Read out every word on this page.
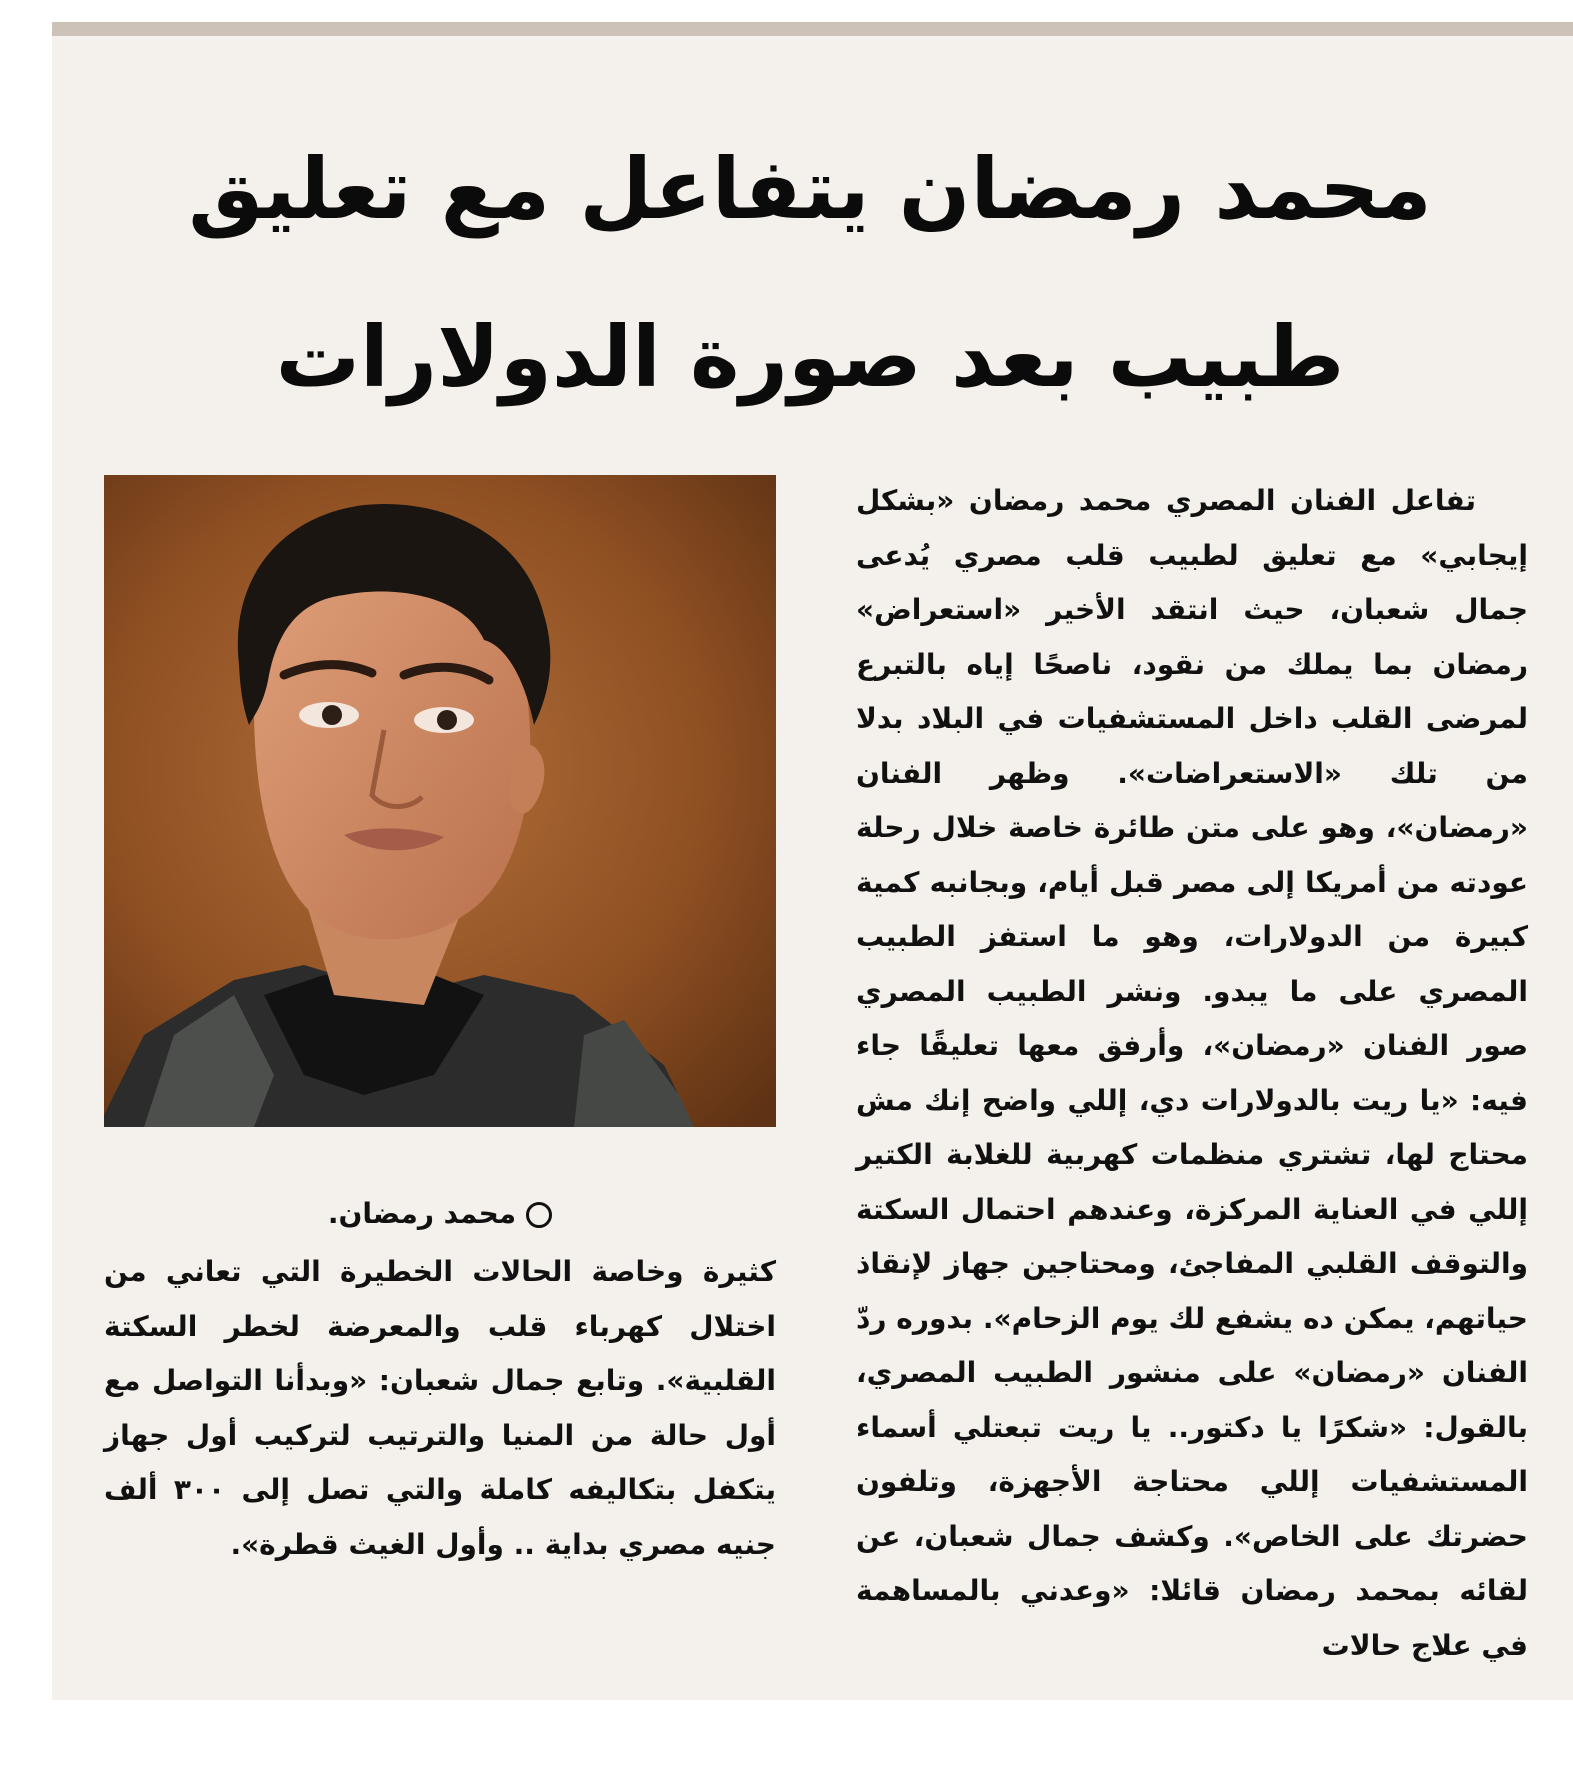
محمد رمضان يتفاعل مع تعليق طبيب بعد صورة الدولارات
محمد رمضان.

تفاعل الفنان المصري محمد رمضان «بشكل إيجابي» مع تعليق لطبيب قلب مصري يُدعى جمال شعبان، حيث انتقد الأخير «استعراض» رمضان بما يملك من نقود، ناصحًا إياه بالتبرع لمرضى القلب داخل المستشفيات في البلاد بدلا من تلك «الاستعراضات». وظهر الفنان «رمضان»، وهو على متن طائرة خاصة خلال رحلة عودته من أمريكا إلى مصر قبل أيام، وبجانبه كمية كبيرة من الدولارات، وهو ما استفز الطبيب المصري على ما يبدو. ونشر الطبيب المصري صور الفنان «رمضان»، وأرفق معها تعليقًا جاء فيه: «يا ريت بالدولارات دي، إللي واضح إنك مش محتاج لها، تشتري منظمات كهربية للغلابة الكتير إللي في العناية المركزة، وعندهم احتمال السكتة والتوقف القلبي المفاجئ، ومحتاجين جهاز لإنقاذ حياتهم، يمكن ده يشفع لك يوم الزحام». بدوره ردّ الفنان «رمضان» على منشور الطبيب المصري، بالقول: «شكرًا يا دكتور.. يا ريت تبعتلي أسماء المستشفيات إللي محتاجة الأجهزة، وتلفون حضرتك على الخاص». وكشف جمال شعبان، عن لقائه بمحمد رمضان قائلا: «وعدني بالمساهمة في علاج حالات

كثيرة وخاصة الحالات الخطيرة التي تعاني من اختلال كهرباء قلب والمعرضة لخطر السكتة القلبية». وتابع جمال شعبان: «وبدأنا التواصل مع أول حالة من المنيا والترتيب لتركيب أول جهاز يتكفل بتكاليفه كاملة والتي تصل إلى ٣٠٠ ألف جنيه مصري بداية .. وأول الغيث قطرة».
